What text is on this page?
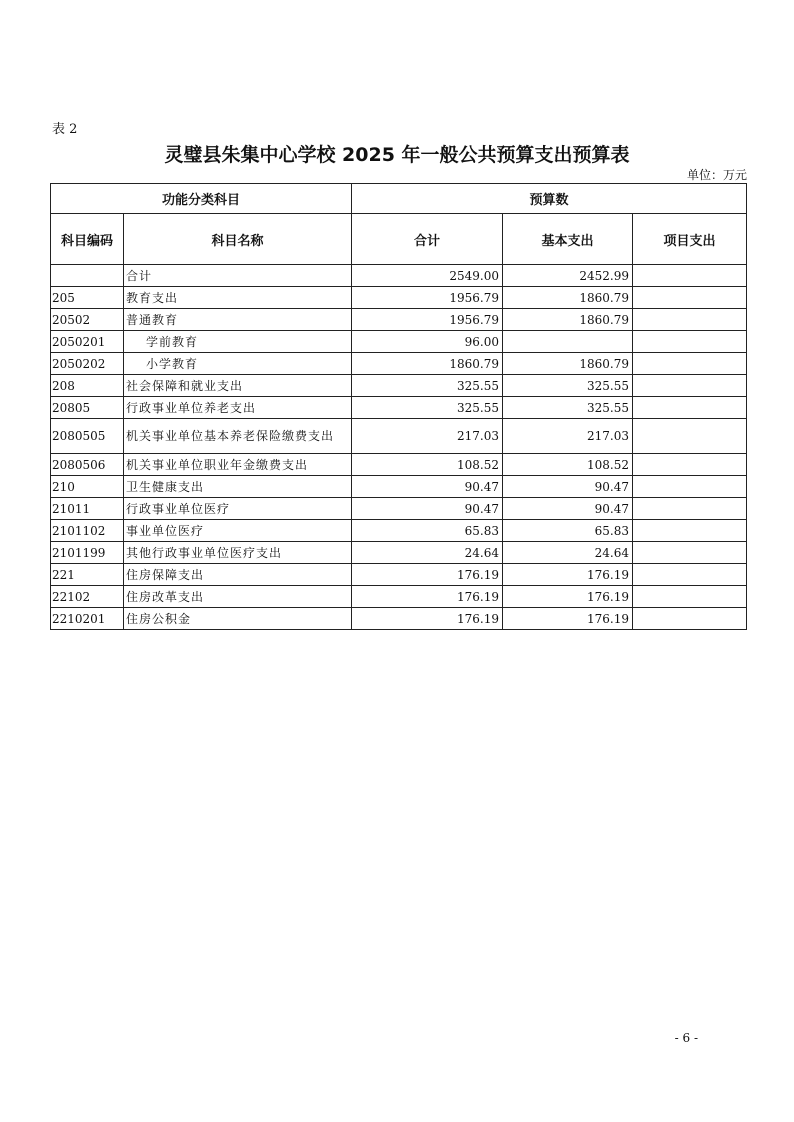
表 2
灵璧县朱集中心学校 2025 年一般公共预算支出预算表
单位：万元
功能分类科目		预算数		
科目编码	科目名称	合计	基本支出	项目支出
	合计	2549.00	2452.99	
205	教育支出	1956.79	1860.79	
20502	普通教育	1956.79	1860.79	
2050201	学前教育	96.00		
2050202	小学教育	1860.79	1860.79	
208	社会保障和就业支出	325.55	325.55	
20805	行政事业单位养老支出	325.55	325.55	
2080505	机关事业单位基本养老保险缴费支出	217.03	217.03	
2080506	机关事业单位职业年金缴费支出	108.52	108.52	
210	卫生健康支出	90.47	90.47	
21011	行政事业单位医疗	90.47	90.47	
2101102	事业单位医疗	65.83	65.83	
2101199	其他行政事业单位医疗支出	24.64	24.64	
221	住房保障支出	176.19	176.19	
22102	住房改革支出	176.19	176.19	
2210201	住房公积金	176.19	176.19	
- 6 -
